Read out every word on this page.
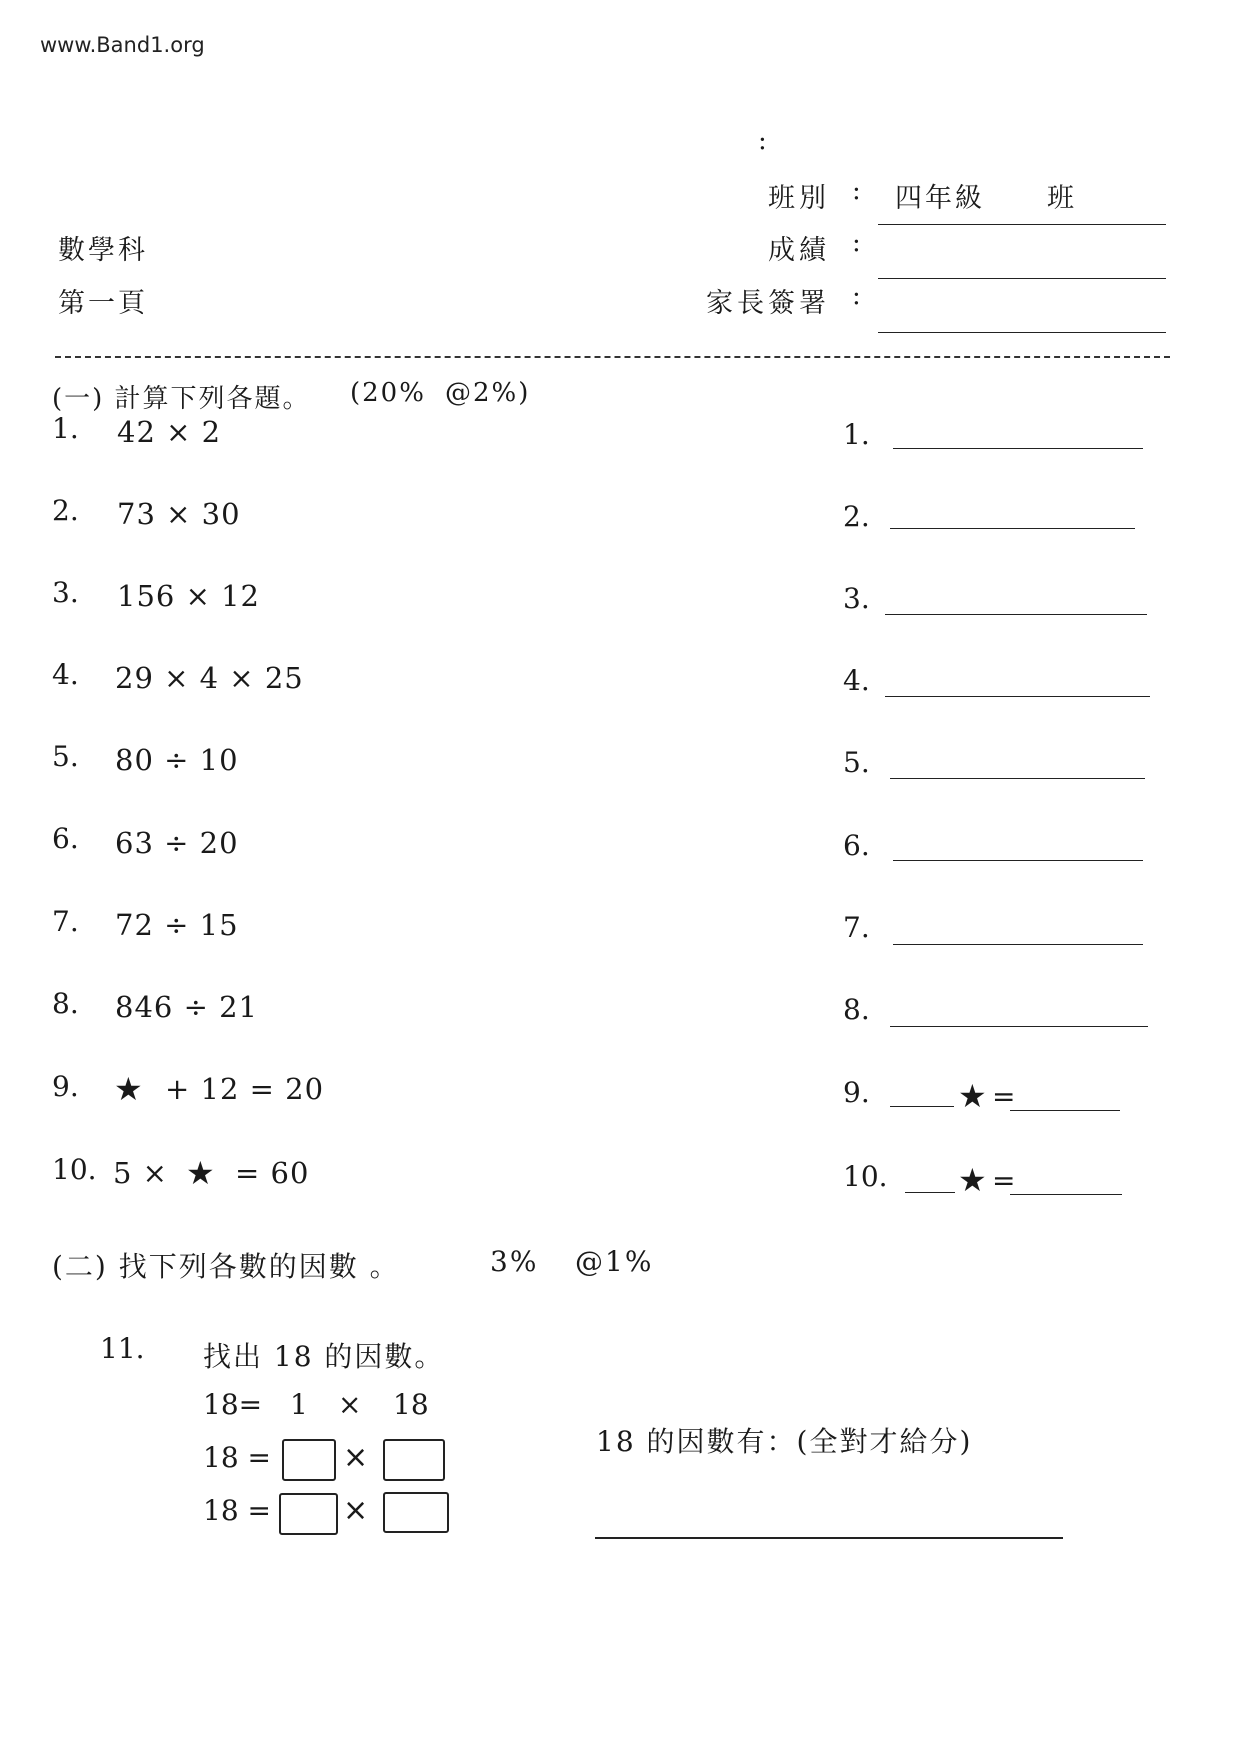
www.Band1.org
:
數學科
第一頁
班別 : 四年級 班
成績 :
家長簽署 :
(一) 計算下列各題。 (20% @2%)
1. 42 × 2	1.
2. 73 × 30	2.
3. 156 × 12	3.
4. 29 × 4 × 25	4.
5. 80 ÷ 10	5.
6. 63 ÷ 20	6.
7. 72 ÷ 15	7.
8. 846 ÷ 21	8.
9. ★ + 12 = 20	9.	★ =
10. 5 × ★ = 60	10. ★ =
(二) 找下列各數的因數 。	3% @1%
11. 找出 18 的因數。
18= 1 × 18
18 = ×
18 = ×
18 的因數有：(全對才給分)
